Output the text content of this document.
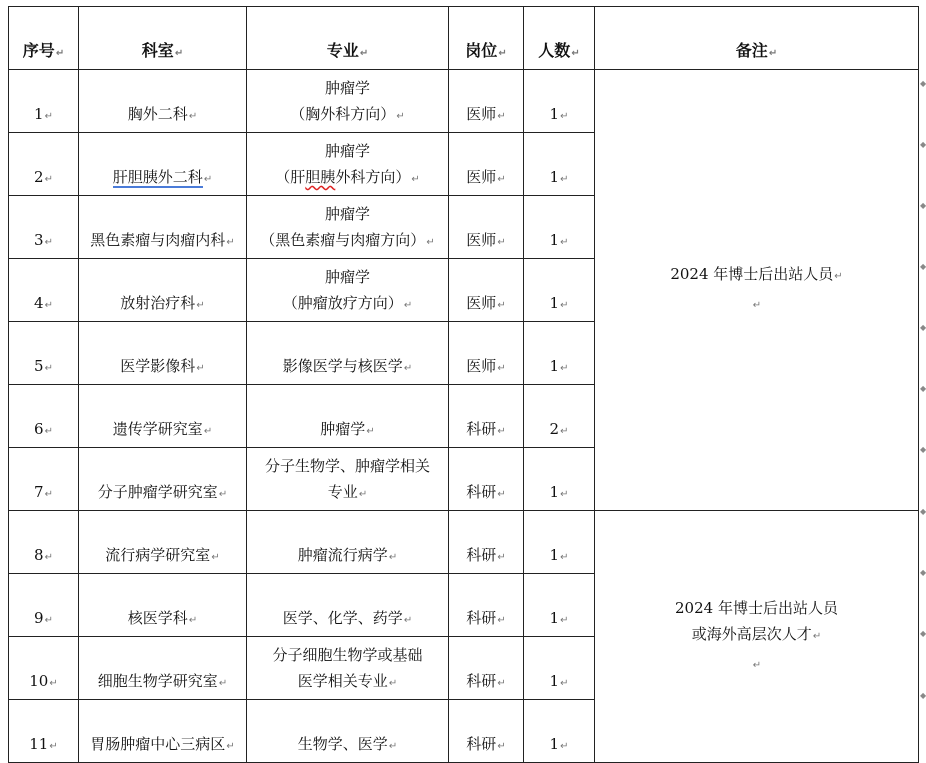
序号↵	科室↵	专业↵	岗位↵	人数↵	备注↵
1↵	胸外二科↵	肿瘤学
（胸外科方向）↵	医师↵	1↵	2024 年博士后出站人员↵
↵

2↵	肝胆胰外二科↵	肿瘤学
（肝胆胰外科方向）↵	医师↵	1↵	
3↵	黑色素瘤与肉瘤内科↵	肿瘤学
（黑色素瘤与肉瘤方向）↵	医师↵	1↵	
4↵	放射治疗科↵	肿瘤学
（肿瘤放疗方向）↵	医师↵	1↵	
5↵	医学影像科↵	影像医学与核医学↵	医师↵	1↵	
6↵	遗传学研究室↵	肿瘤学↵	科研↵	2↵	
7↵	分子肿瘤学研究室↵	分子生物学、肿瘤学相关
专业↵	科研↵	1↵	
8↵	流行病学研究室↵	肿瘤流行病学↵	科研↵	1↵	2024 年博士后出站人员
或海外高层次人才↵
↵

9↵	核医学科↵	医学、化学、药学↵	科研↵	1↵	
10↵	细胞生物学研究室↵	分子细胞生物学或基础
医学相关专业↵	科研↵	1↵	
11↵	胃肠肿瘤中心三病区↵	生物学、医学↵	科研↵	1↵	
◆
◆
◆
◆
◆
◆
◆
◆
◆
◆
◆
